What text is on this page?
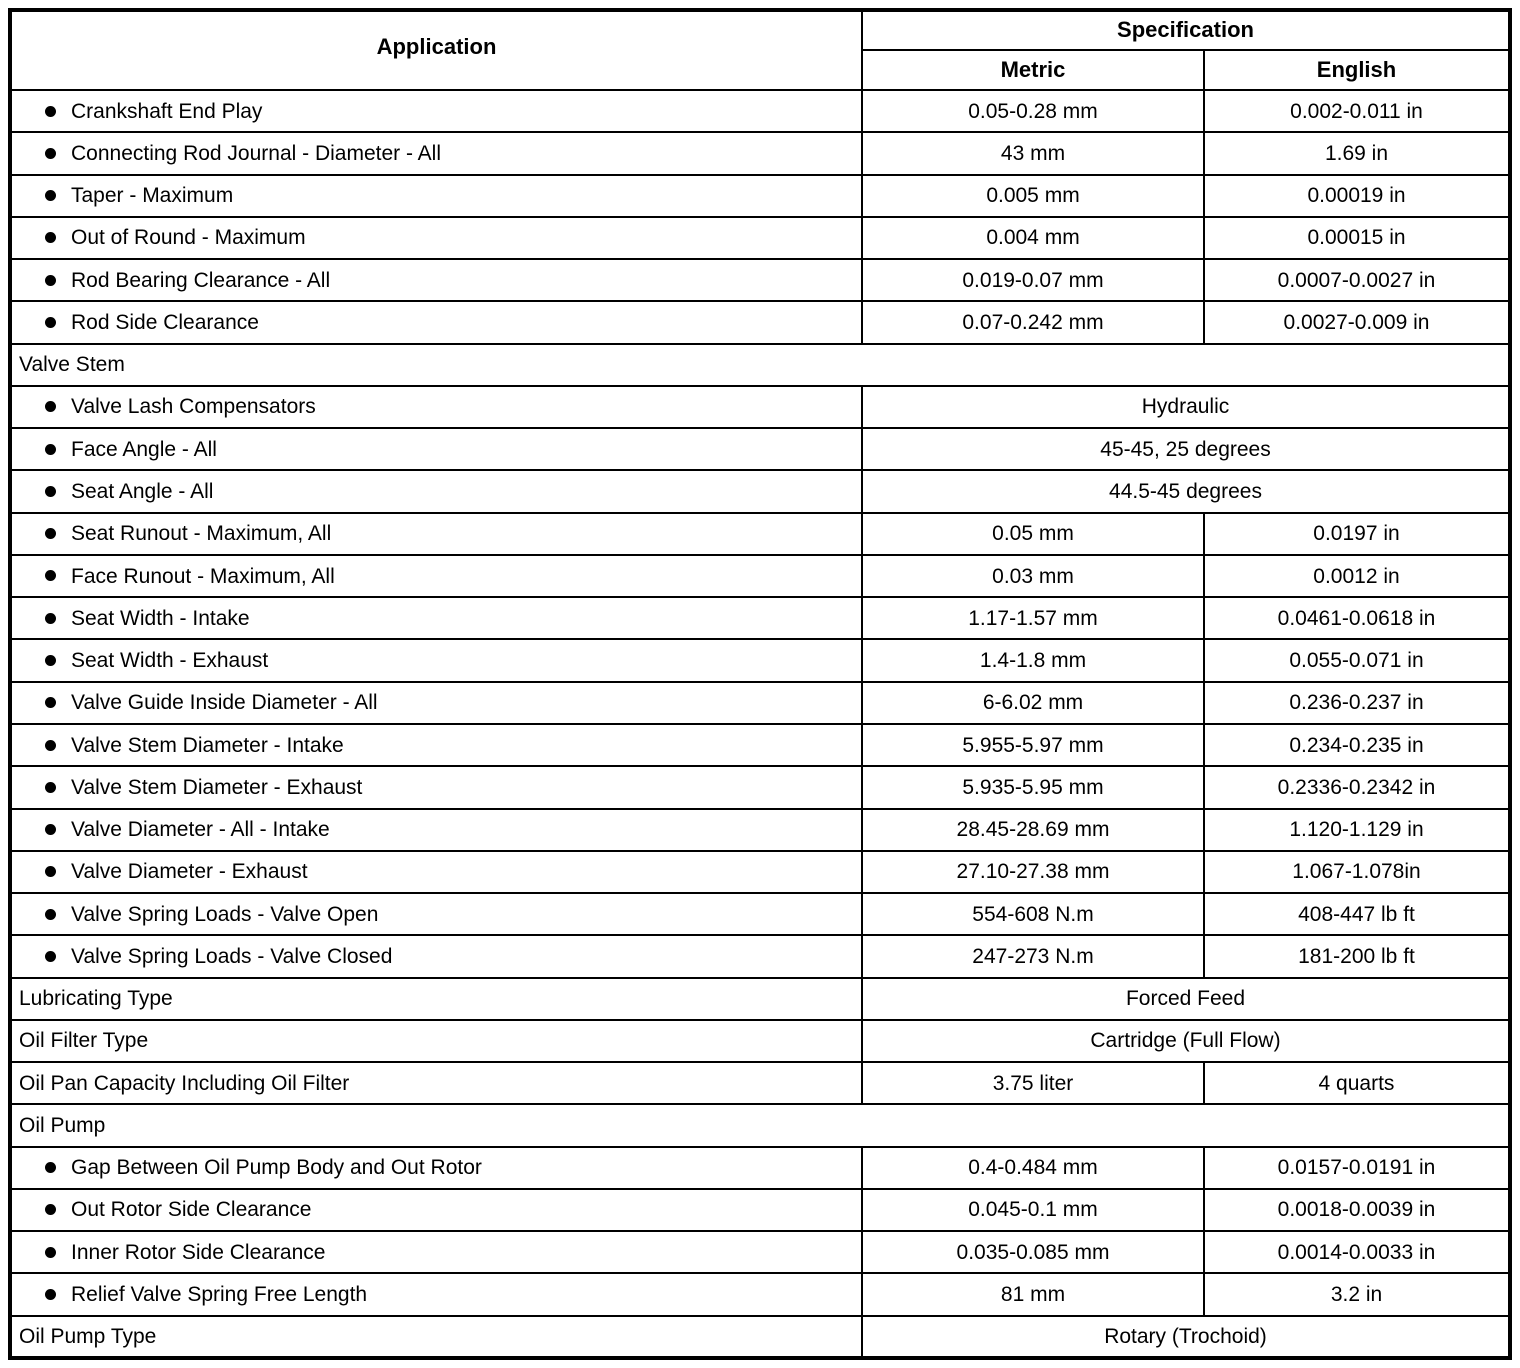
Application	Specification	
	Metric	English
Crankshaft End Play	0.05-0.28 mm	0.002-0.011 in
Connecting Rod Journal - Diameter - All	43 mm	1.69 in
Taper - Maximum	0.005 mm	0.00019 in
Out of Round - Maximum	0.004 mm	0.00015 in
Rod Bearing Clearance - All	0.019-0.07 mm	0.0007-0.0027 in
Rod Side Clearance	0.07-0.242 mm	0.0027-0.009 in
Valve Stem		
Valve Lash Compensators	Hydraulic	
Face Angle - All	45-45, 25 degrees	
Seat Angle - All	44.5-45 degrees	
Seat Runout - Maximum, All	0.05 mm	0.0197 in
Face Runout - Maximum, All	0.03 mm	0.0012 in
Seat Width - Intake	1.17-1.57 mm	0.0461-0.0618 in
Seat Width - Exhaust	1.4-1.8 mm	0.055-0.071 in
Valve Guide Inside Diameter - All	6-6.02 mm	0.236-0.237 in
Valve Stem Diameter - Intake	5.955-5.97 mm	0.234-0.235 in
Valve Stem Diameter - Exhaust	5.935-5.95 mm	0.2336-0.2342 in
Valve Diameter - All - Intake	28.45-28.69 mm	1.120-1.129 in
Valve Diameter - Exhaust	27.10-27.38 mm	1.067-1.078in
Valve Spring Loads - Valve Open	554-608 N.m	408-447 lb ft
Valve Spring Loads - Valve Closed	247-273 N.m	181-200 lb ft
Lubricating Type	Forced Feed	
Oil Filter Type	Cartridge (Full Flow)	
Oil Pan Capacity Including Oil Filter	3.75 liter	4 quarts
Oil Pump		
Gap Between Oil Pump Body and Out Rotor	0.4-0.484 mm	0.0157-0.0191 in
Out Rotor Side Clearance	0.045-0.1 mm	0.0018-0.0039 in
Inner Rotor Side Clearance	0.035-0.085 mm	0.0014-0.0033 in
Relief Valve Spring Free Length	81 mm	3.2 in
Oil Pump Type	Rotary (Trochoid)	
